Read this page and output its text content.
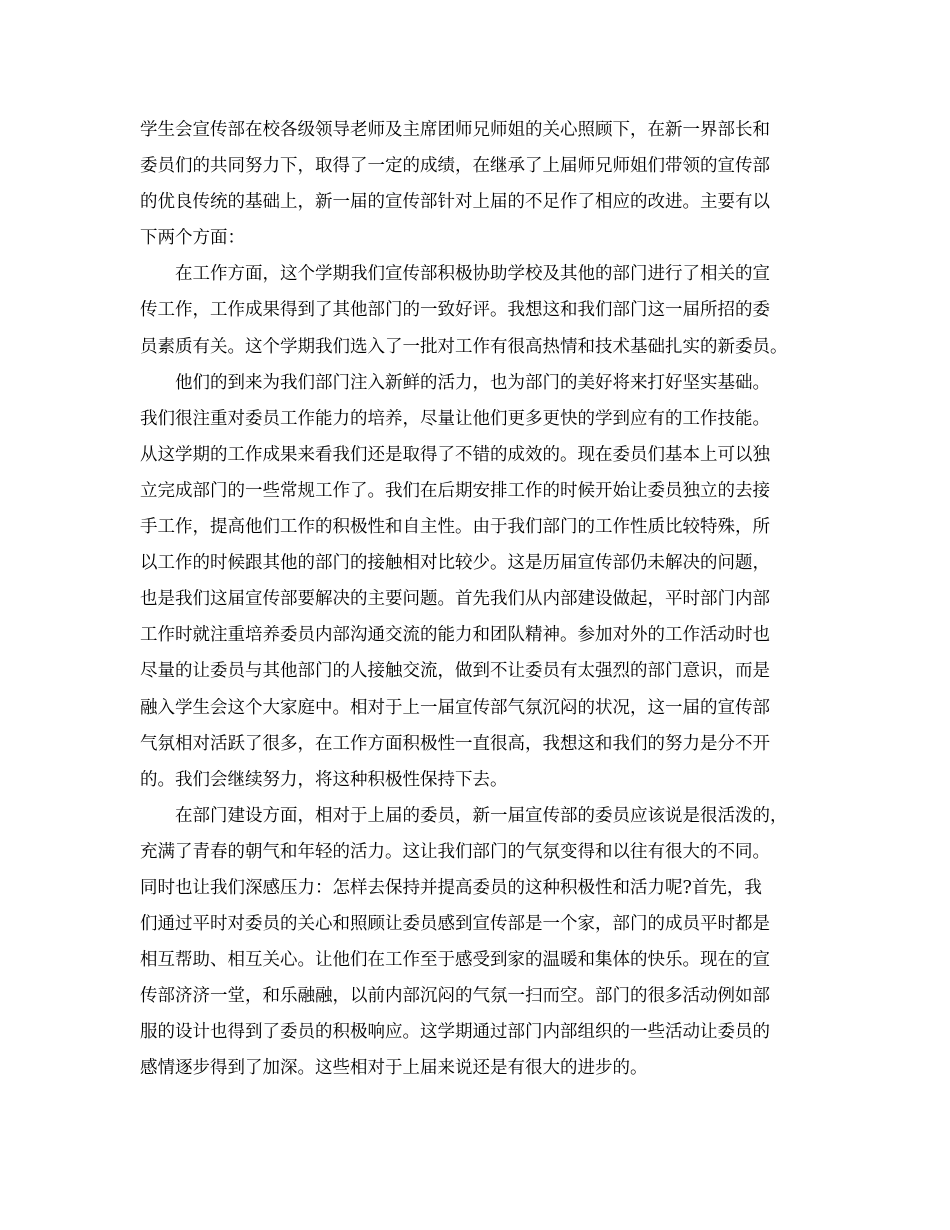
学生会宣传部在校各级领导老师及主席团师兄师姐的关心照顾下，在新一界部长和
委员们的共同努力下，取得了一定的成绩，在继承了上届师兄师姐们带领的宣传部
的优良传统的基础上，新一届的宣传部针对上届的不足作了相应的改进。主要有以
下两个方面：
在工作方面，这个学期我们宣传部积极协助学校及其他的部门进行了相关的宣
传工作，工作成果得到了其他部门的一致好评。我想这和我们部门这一届所招的委
员素质有关。这个学期我们选入了一批对工作有很高热情和技术基础扎实的新委员。
他们的到来为我们部门注入新鲜的活力，也为部门的美好将来打好坚实基础。
我们很注重对委员工作能力的培养，尽量让他们更多更快的学到应有的工作技能。
从这学期的工作成果来看我们还是取得了不错的成效的。现在委员们基本上可以独
立完成部门的一些常规工作了。我们在后期安排工作的时候开始让委员独立的去接
手工作，提高他们工作的积极性和自主性。由于我们部门的工作性质比较特殊，所
以工作的时候跟其他的部门的接触相对比较少。这是历届宣传部仍未解决的问题，
也是我们这届宣传部要解决的主要问题。首先我们从内部建设做起，平时部门内部
工作时就注重培养委员内部沟通交流的能力和团队精神。参加对外的工作活动时也
尽量的让委员与其他部门的人接触交流，做到不让委员有太强烈的部门意识，而是
融入学生会这个大家庭中。相对于上一届宣传部气氛沉闷的状况，这一届的宣传部
气氛相对活跃了很多，在工作方面积极性一直很高，我想这和我们的努力是分不开
的。我们会继续努力，将这种积极性保持下去。
在部门建设方面，相对于上届的委员，新一届宣传部的委员应该说是很活泼的，
充满了青春的朝气和年轻的活力。这让我们部门的气氛变得和以往有很大的不同。
同时也让我们深感压力：怎样去保持并提高委员的这种积极性和活力呢?首先，我
们通过平时对委员的关心和照顾让委员感到宣传部是一个家，部门的成员平时都是
相互帮助、相互关心。让他们在工作至于感受到家的温暖和集体的快乐。现在的宣
传部济济一堂，和乐融融，以前内部沉闷的气氛一扫而空。部门的很多活动例如部
服的设计也得到了委员的积极响应。这学期通过部门内部组织的一些活动让委员的
感情逐步得到了加深。这些相对于上届来说还是有很大的进步的。
